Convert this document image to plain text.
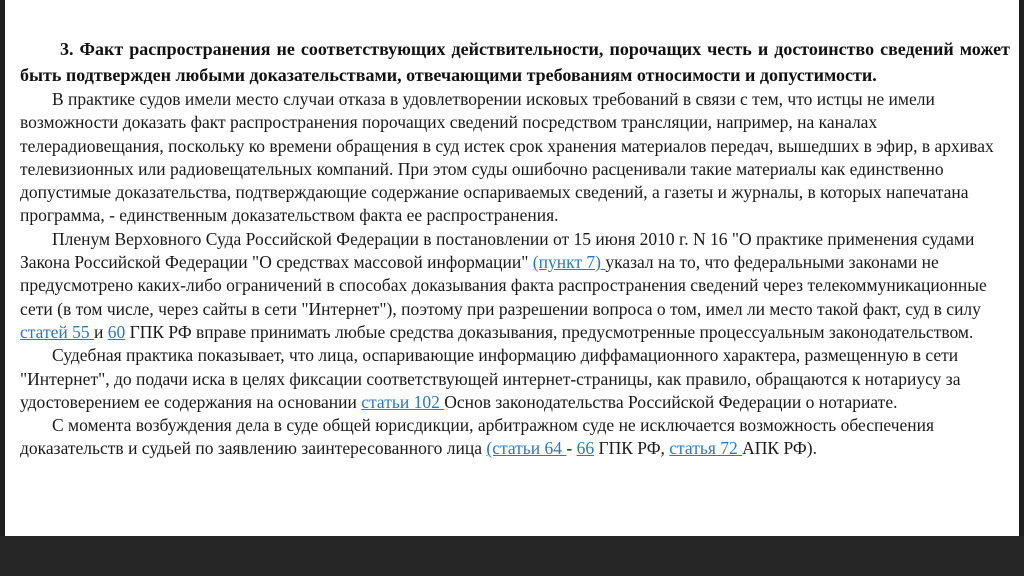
3. Факт распространения не соответствующих действительности, порочащих честь и достоинство сведений может быть подтвержден любыми доказательствами, отвечающими требованиям относимости и допустимости.

В практике судов имели место случаи отказа в удовлетворении исковых требований в связи с тем, что истцы не имели возможности доказать факт распространения порочащих сведений посредством трансляции, например, на каналах телерадиовещания, поскольку ко времени обращения в суд истек срок хранения материалов передач, вышедших в эфир, в архивах телевизионных или радиовещательных компаний. При этом суды ошибочно расценивали такие материалы как единственно допустимые доказательства, подтверждающие содержание оспариваемых сведений, а газеты и журналы, в которых напечатана программа, - единственным доказательством факта ее распространения.

Пленум Верховного Суда Российской Федерации в постановлении от 15 июня 2010 г. N 16 "О практике применения судами Закона Российской Федерации "О средствах массовой информации" (пункт 7) указал на то, что федеральными законами не предусмотрено каких-либо ограничений в способах доказывания факта распространения сведений через телекоммуникационные сети (в том числе, через сайты в сети "Интернет"), поэтому при разрешении вопроса о том, имел ли место такой факт, суд в силу статей 55 и 60 ГПК РФ вправе принимать любые средства доказывания, предусмотренные процессуальным законодательством.

Судебная практика показывает, что лица, оспаривающие информацию диффамационного характера, размещенную в сети "Интернет", до подачи иска в целях фиксации соответствующей интернет-страницы, как правило, обращаются к нотариусу за удостоверением ее содержания на основании статьи 102 Основ законодательства Российской Федерации о нотариате.

С момента возбуждения дела в суде общей юрисдикции, арбитражном суде не исключается возможность обеспечения доказательств и судьей по заявлению заинтересованного лица (статьи 64 - 66 ГПК РФ, статья 72 АПК РФ).
